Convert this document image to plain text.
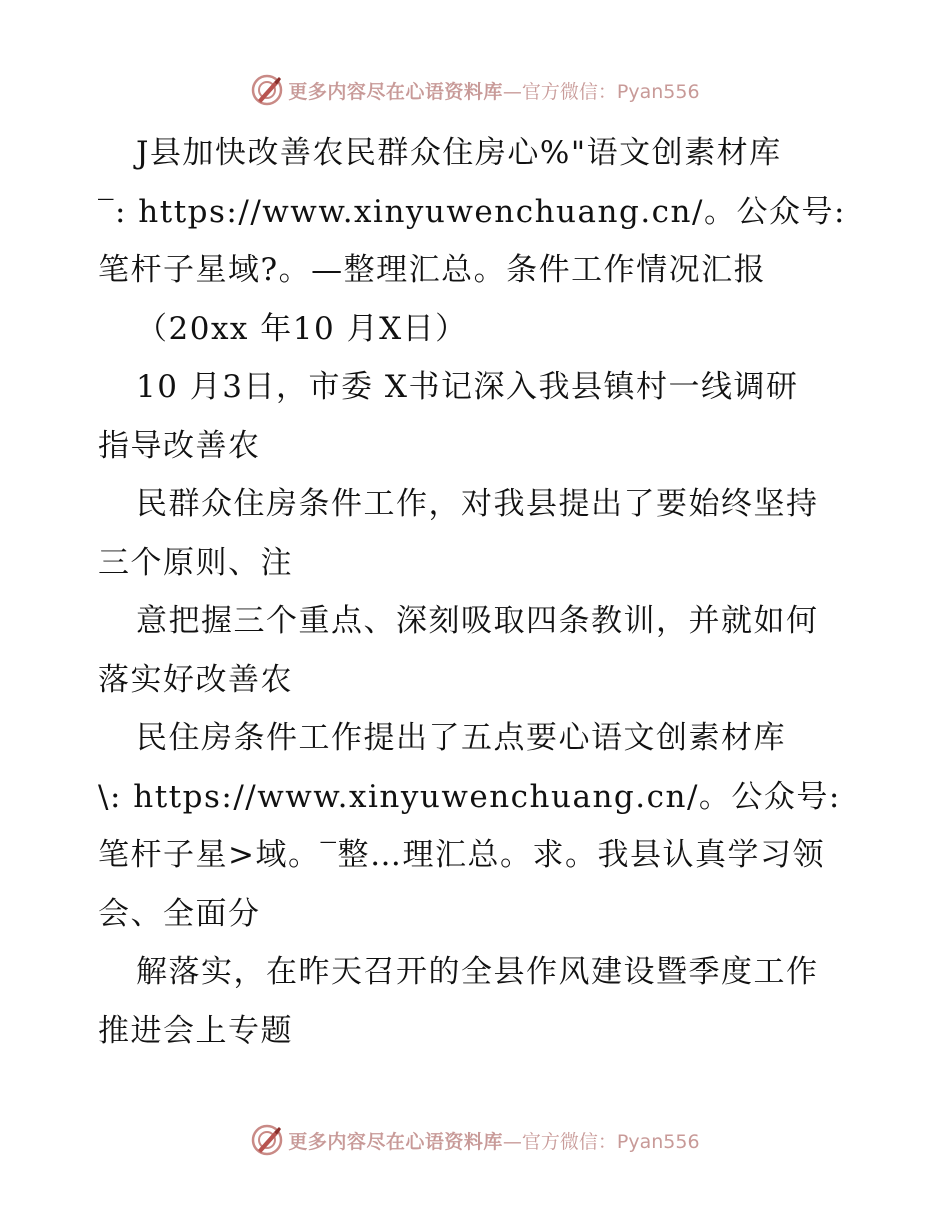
更多内容尽在心语资料库 —官方微信：Pyan556
J县加快改善农民群众住房心%"语文创素材库
‾: https://www.xinyuwenchuang.cn/。公众号:
笔杆子星域?。—整理汇总。条件工作情况汇报
（20xx 年10 月X日）
10 月3日，市委 X书记深入我县镇村一线调研
指导改善农
民群众住房条件工作，对我县提出了要始终坚持
三个原则、注
意把握三个重点、深刻吸取四条教训，并就如何
落实好改善农
民住房条件工作提出了五点要心语文创素材库
\: https://www.xinyuwenchuang.cn/。公众号:
笔杆子星>域。‾整…理汇总。求。我县认真学习领
会、全面分
解落实，在昨天召开的全县作风建设暨季度工作
推进会上专题
更多内容尽在心语资料库 —官方微信：Pyan556
